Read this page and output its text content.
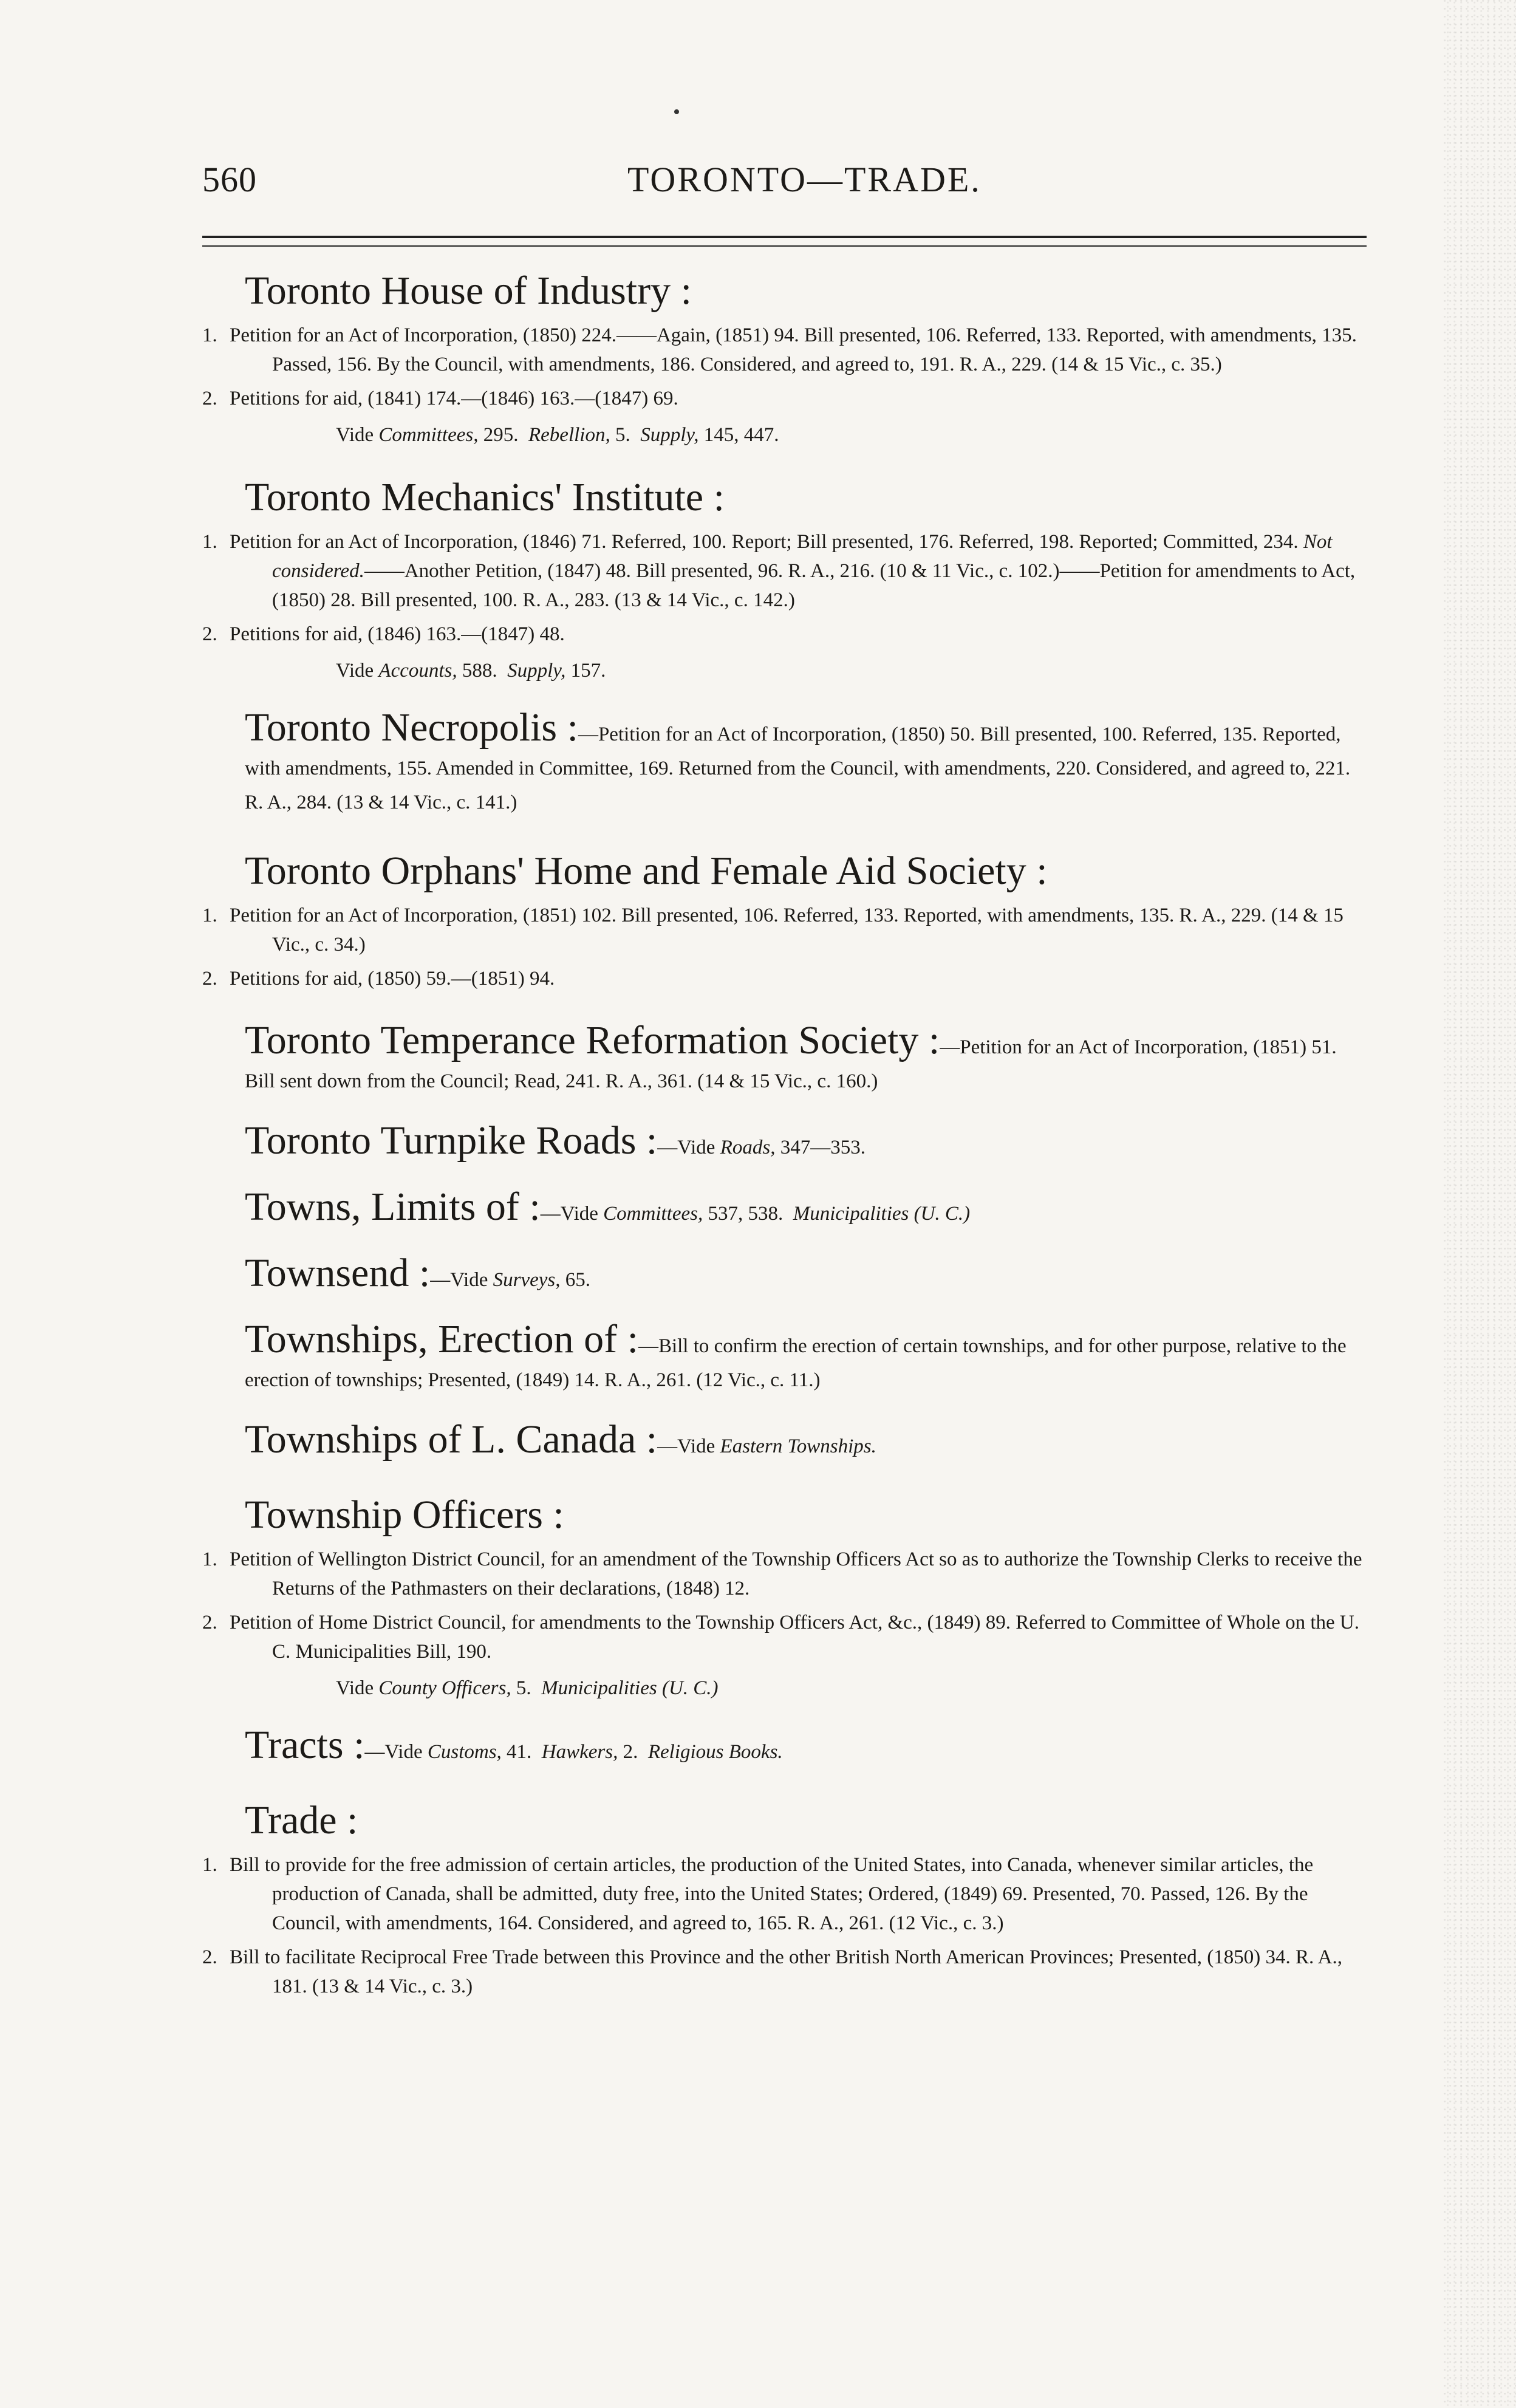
560	TORONTO—TRADE.
Toronto House of Industry :

1. Petition for an Act of Incorporation, (1850) 224.——Again, (1851) 94. Bill presented, 106. Referred, 133. Reported, with amendments, 135. Passed, 156. By the Council, with amendments, 186. Considered, and agreed to, 191. R. A., 229. (14 & 15 Vic., c. 35.)

2. Petitions for aid, (1841) 174.—(1846) 163.—(1847) 69.

Vide Committees, 295. Rebellion, 5. Supply, 145, 447.

Toronto Mechanics' Institute :

1. Petition for an Act of Incorporation, (1846) 71. Referred, 100. Report; Bill presented, 176. Referred, 198. Reported; Committed, 234. Not considered.——Another Petition, (1847) 48. Bill presented, 96. R. A., 216. (10 & 11 Vic., c. 102.)——Petition for amendments to Act, (1850) 28. Bill presented, 100. R. A., 283. (13 & 14 Vic., c. 142.)

2. Petitions for aid, (1846) 163.—(1847) 48.

Vide Accounts, 588. Supply, 157.

Toronto Necropolis :—Petition for an Act of Incorporation, (1850) 50. Bill presented, 100. Referred, 135. Reported, with amendments, 155. Amended in Committee, 169. Returned from the Council, with amendments, 220. Considered, and agreed to, 221. R. A., 284. (13 & 14 Vic., c. 141.)

Toronto Orphans' Home and Female Aid Society :

1. Petition for an Act of Incorporation, (1851) 102. Bill presented, 106. Referred, 133. Reported, with amendments, 135. R. A., 229. (14 & 15 Vic., c. 34.)

2. Petitions for aid, (1850) 59.—(1851) 94.

Toronto Temperance Reformation Society :—Petition for an Act of Incorporation, (1851) 51. Bill sent down from the Council; Read, 241. R. A., 361. (14 & 15 Vic., c. 160.)

Toronto Turnpike Roads :—Vide Roads, 347—353.

Towns, Limits of :—Vide Committees, 537, 538. Municipalities (U. C.)

Townsend :—Vide Surveys, 65.

Townships, Erection of :—Bill to confirm the erection of certain townships, and for other purpose, relative to the erection of townships; Presented, (1849) 14. R. A., 261. (12 Vic., c. 11.)

Townships of L. Canada :—Vide Eastern Townships.

Township Officers :

1. Petition of Wellington District Council, for an amendment of the Township Officers Act so as to authorize the Township Clerks to receive the Returns of the Pathmasters on their declarations, (1848) 12.

2. Petition of Home District Council, for amendments to the Township Officers Act, &c., (1849) 89. Referred to Committee of Whole on the U. C. Municipalities Bill, 190.

Vide County Officers, 5. Municipalities (U. C.)

Tracts :—Vide Customs, 41. Hawkers, 2. Religious Books.

Trade :

1. Bill to provide for the free admission of certain articles, the production of the United States, into Canada, whenever similar articles, the production of Canada, shall be admitted, duty free, into the United States; Ordered, (1849) 69. Presented, 70. Passed, 126. By the Council, with amendments, 164. Considered, and agreed to, 165. R. A., 261. (12 Vic., c. 3.)

2. Bill to facilitate Reciprocal Free Trade between this Province and the other British North American Provinces; Presented, (1850) 34. R. A., 181. (13 & 14 Vic., c. 3.)
